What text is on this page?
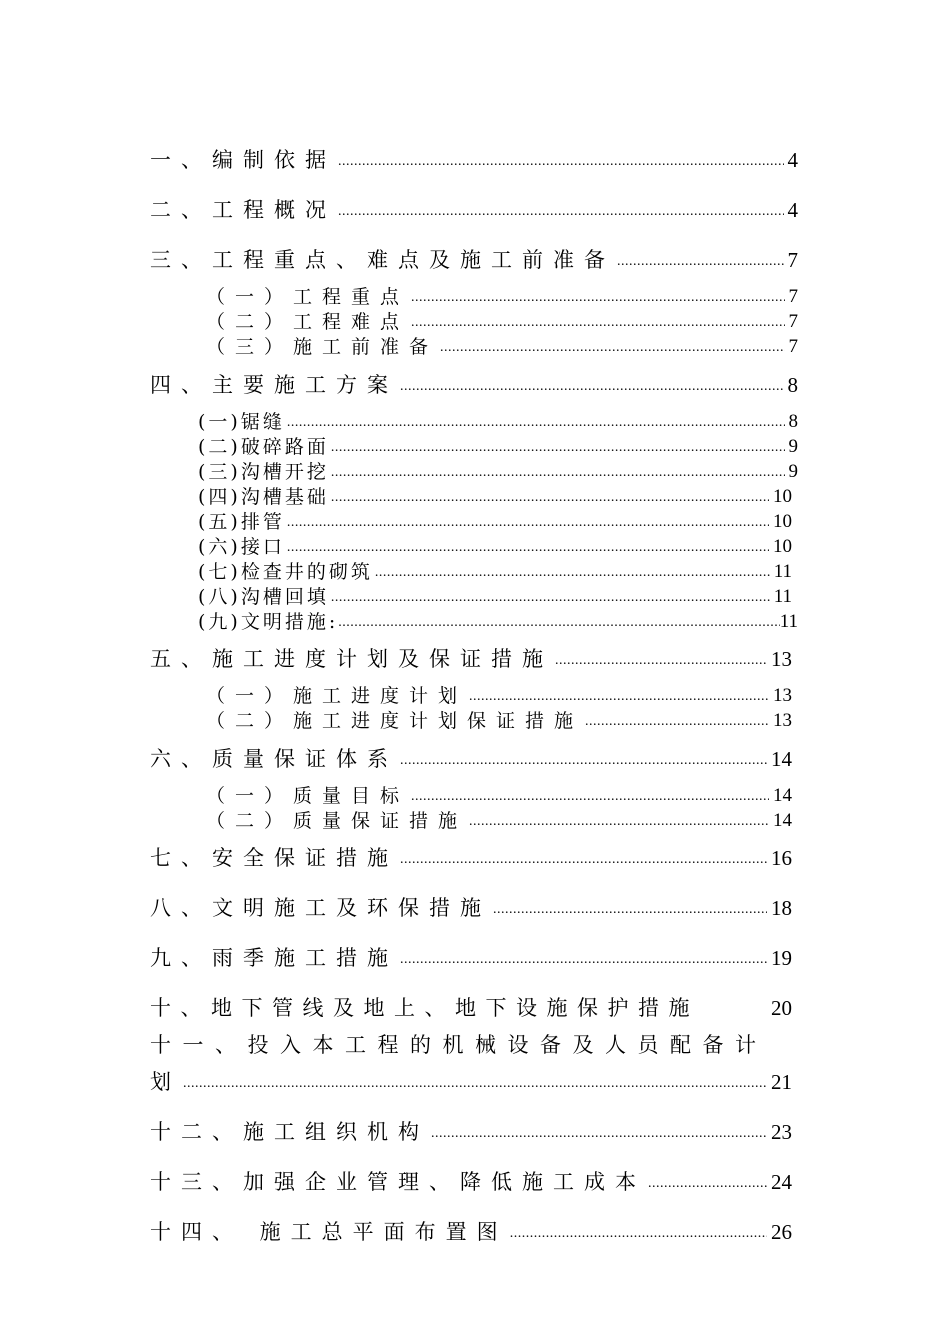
一、编制依据 .....	4
二、工程概况 .....	4
三、工程重点、难点及施工前准备 .....	7
（一）工程重点 .....	7
（二）工程难点 .....	7
（三）施工前准备 .....	7
四、主要施工方案 .....	8
(一)锯缝 .....	8
(二)破碎路面 .....	9
(三)沟槽开挖 .....	9
(四)沟槽基础 .....	10
(五)排管 .....	10
(六)接口 .....	10
(七)检查井的砌筑 .....	11
(八)沟槽回填 .....	11
(九)文明措施: .....	11
五、施工进度计划及保证措施 .....	13
（一）施工进度计划 .....	13
（二）施工进度计划保证措施 .....	13
六、质量保证体系 .....	14
（一）质量目标 .....	14
（二）质量保证措施 .....	14
七、安全保证措施 .....	16
八、文明施工及环保措施 .....	18
九、雨季施工措施 .....	19
十、地下管线及地上、地下设施保护措施	20
十一、投入本工程的机械设备及人员配备计
划 .....	21
十二、施工组织机构 .....	23
十三、加强企业管理、降低施工成本 .....	24
十四、 施工总平面布置图 .....	26
